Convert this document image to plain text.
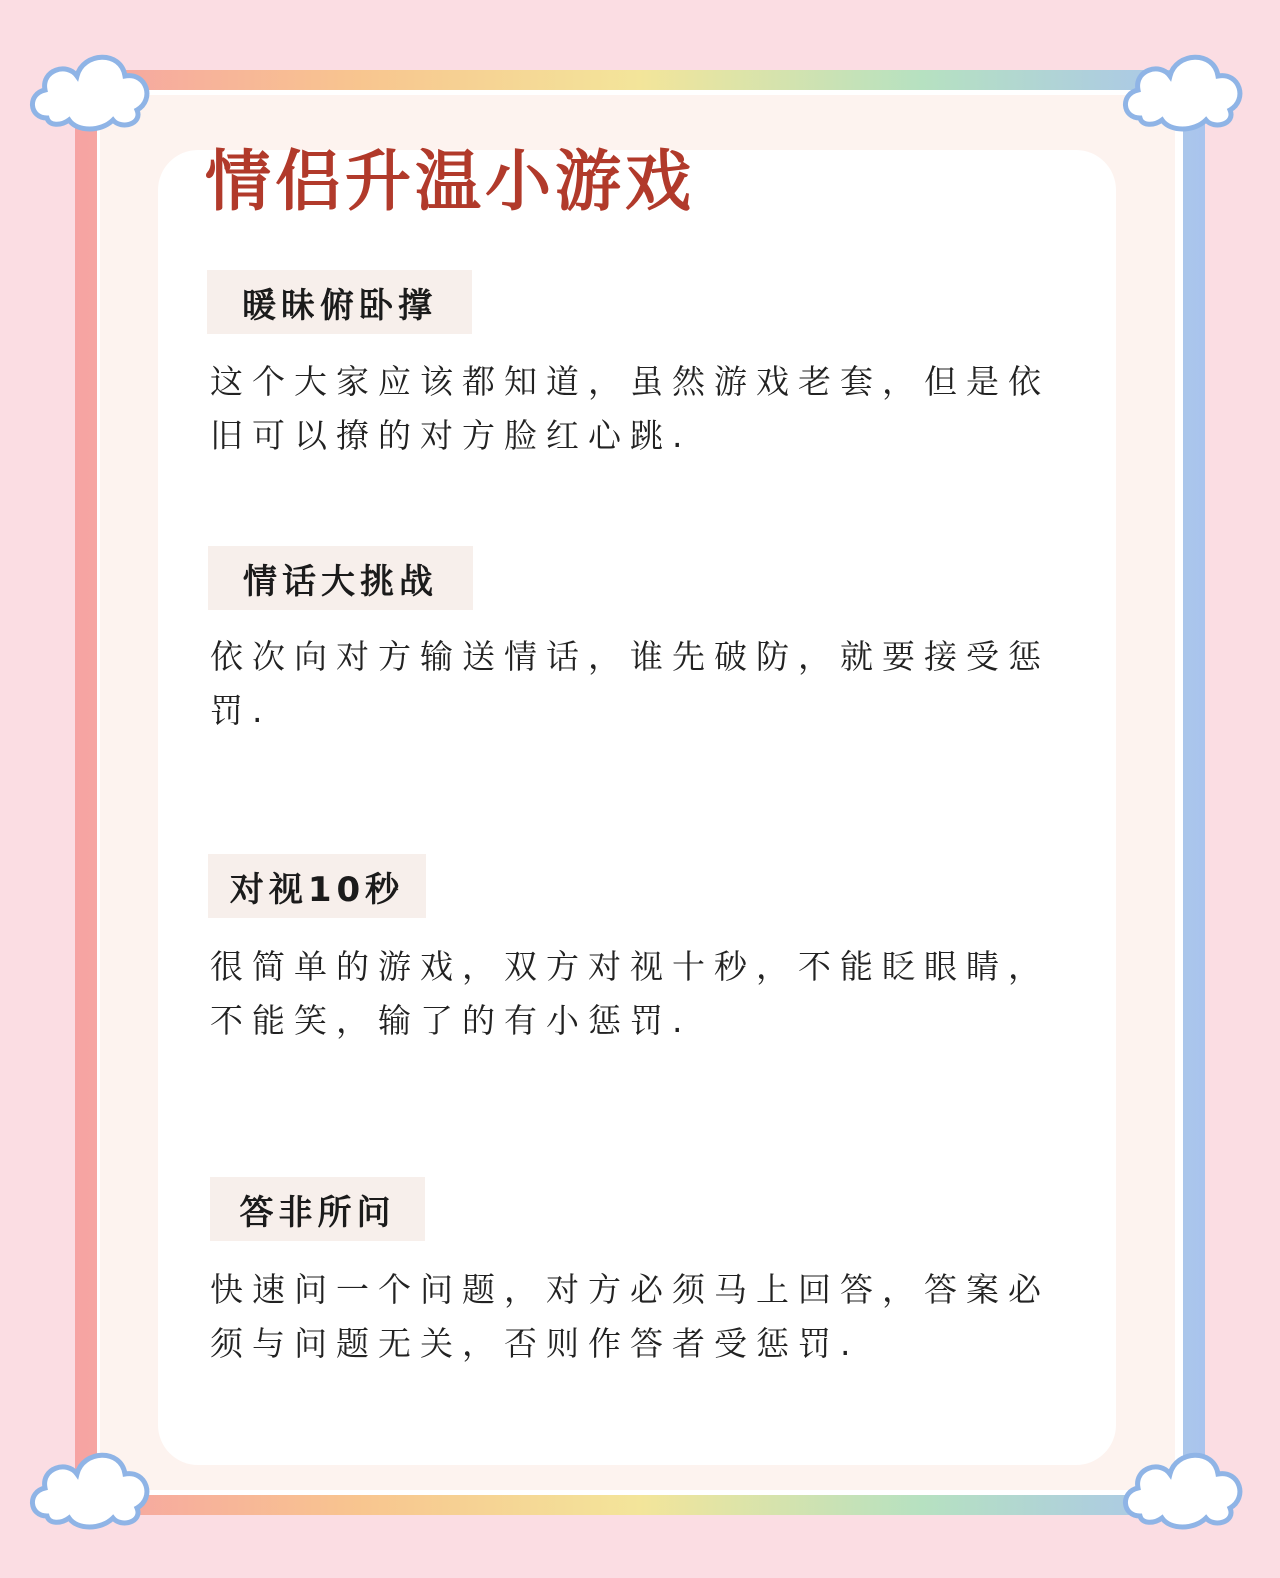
情侣升温小游戏
暖昧俯卧撑
这个大家应该都知道，虽然游戏老套，但是依旧可以撩的对方脸红心跳.
情话大挑战
依次向对方输送情话，谁先破防，就要接受惩罚.
对视10秒
很简单的游戏，双方对视十秒，不能眨眼睛，不能笑，输了的有小惩罚.
答非所问
快速问一个问题，对方必须马上回答，答案必须与问题无关，否则作答者受惩罚.
